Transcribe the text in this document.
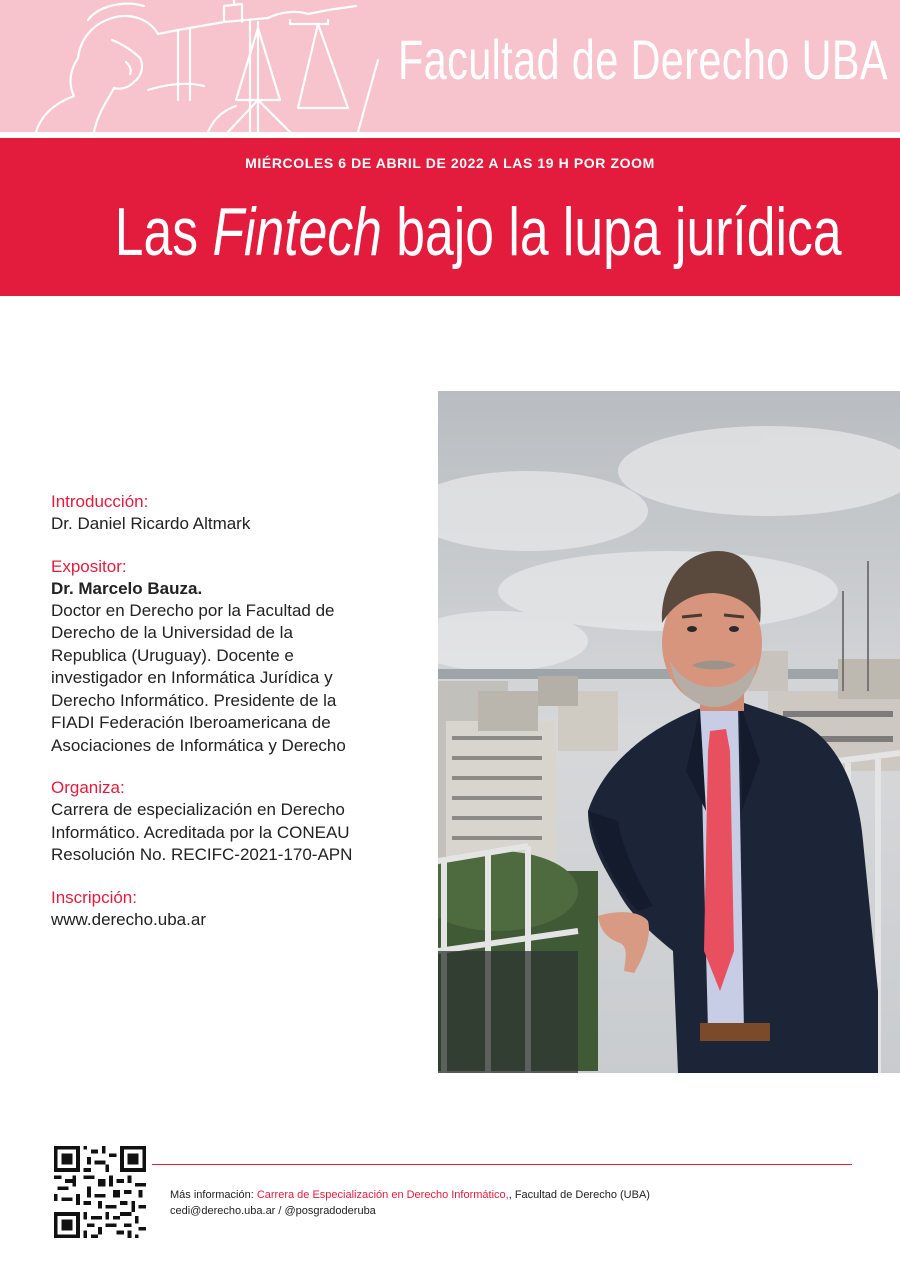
Facultad de Derecho UBA
MIÉRCOLES 6 DE ABRIL DE 2022 A LAS 19 H POR ZOOM
Las Fintech bajo la lupa jurídica
Introducción:
Dr. Daniel Ricardo Altmark
Expositor:
Dr. Marcelo Bauza.
Doctor en Derecho por la Facultad de
Derecho de la Universidad de la
Republica (Uruguay). Docente e
investigador en Informática Jurídica y
Derecho Informático. Presidente de la
FIADI Federación Iberoamericana de
Asociaciones de Informática y Derecho
Organiza:
Carrera de especialización en Derecho
Informático. Acreditada por la CONEAU
Resolución No. RECIFC-2021-170-APN
Inscripción:
www.derecho.uba.ar
Más información: Carrera de Especialización en Derecho Informático,, Facultad de Derecho (UBA)
cedi@derecho.uba.ar / @posgradoderuba
